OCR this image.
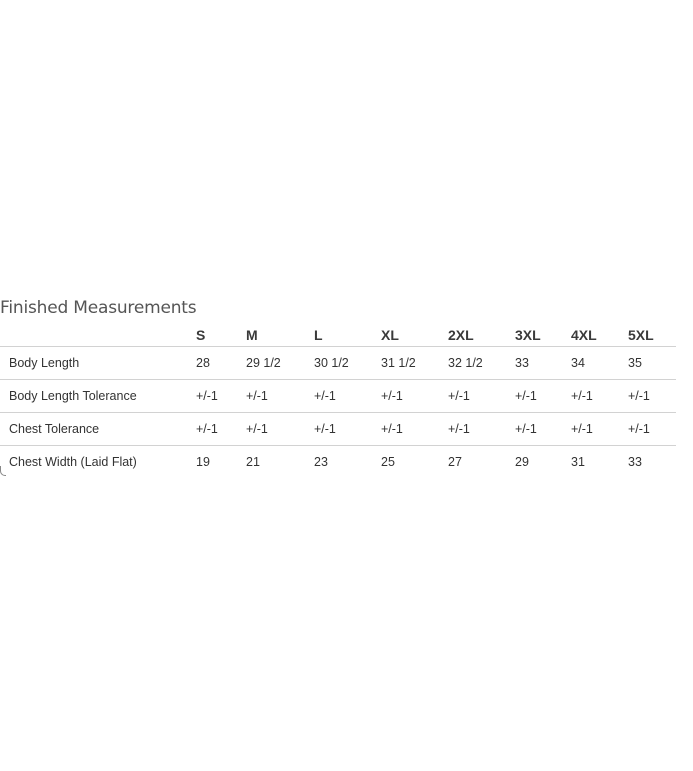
Finished Measurements
	S	M	L	XL	2XL	3XL	4XL	5XL
Body Length	28	29 1/2	30 1/2	31 1/2	32 1/2	33	34	35
Body Length Tolerance	+/-1	+/-1	+/-1	+/-1	+/-1	+/-1	+/-1	+/-1
Chest Tolerance	+/-1	+/-1	+/-1	+/-1	+/-1	+/-1	+/-1	+/-1
Chest Width (Laid Flat)	19	21	23	25	27	29	31	33
